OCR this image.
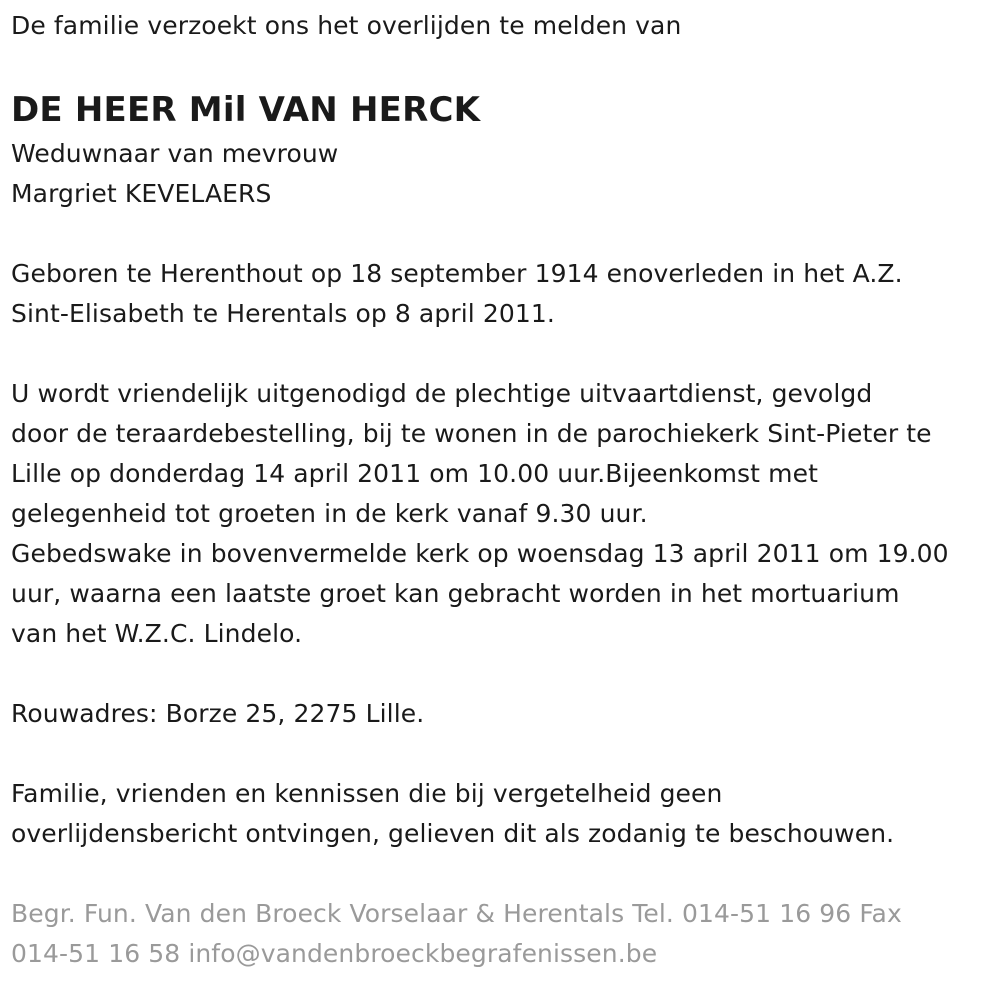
De familie verzoekt ons het overlijden te melden van

DE HEER Mil VAN HERCK

Weduwnaar van mevrouw

Margriet KEVELAERS

Geboren te Herenthout op 18 september 1914 enoverleden in het A.Z.

Sint-Elisabeth te Herentals op 8 april 2011.

U wordt vriendelijk uitgenodigd de plechtige uitvaartdienst, gevolgd

door de teraardebestelling, bij te wonen in de parochiekerk Sint-Pieter te

Lille op donderdag 14 april 2011 om 10.00 uur.Bijeenkomst met

gelegenheid tot groeten in de kerk vanaf 9.30 uur.

Gebedswake in bovenvermelde kerk op woensdag 13 april 2011 om 19.00

uur, waarna een laatste groet kan gebracht worden in het mortuarium

van het W.Z.C. Lindelo.

Rouwadres: Borze 25, 2275 Lille.

Familie, vrienden en kennissen die bij vergetelheid geen

overlijdensbericht ontvingen, gelieven dit als zodanig te beschouwen.

Begr. Fun. Van den Broeck Vorselaar & Herentals Tel. 014-51 16 96 Fax

014-51 16 58 info@vandenbroeckbegrafenissen.be
